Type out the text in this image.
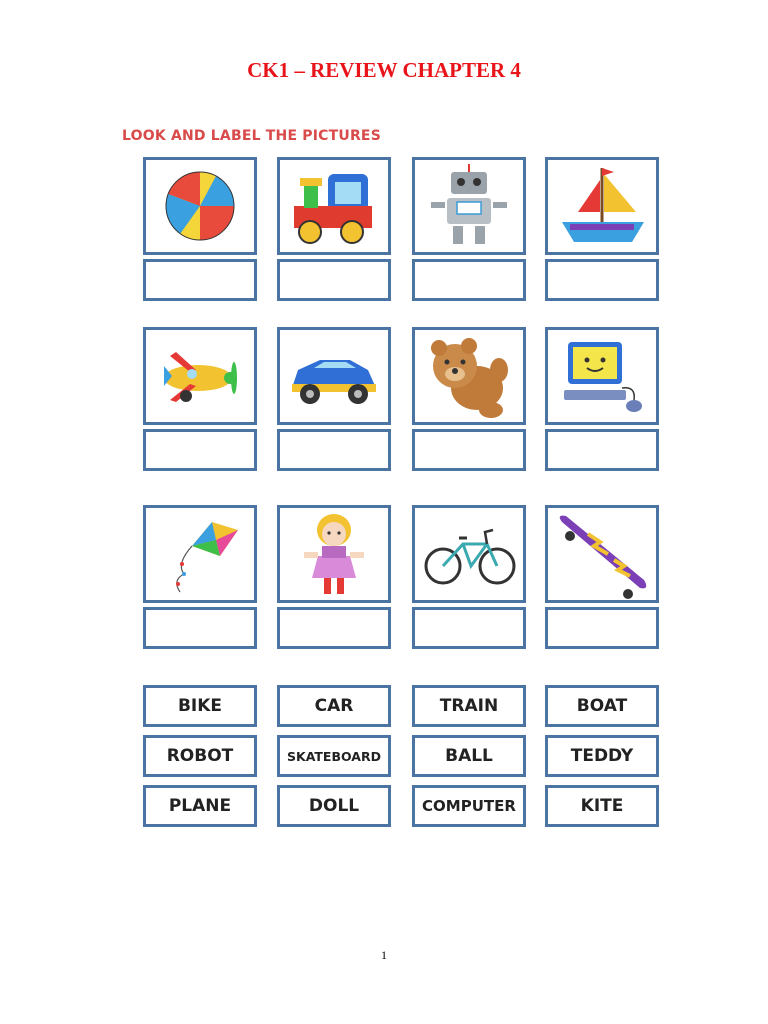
CK1 – REVIEW CHAPTER 4
LOOK AND LABEL THE PICTURES
BIKE	CAR	TRAIN	BOAT
ROBOT	SKATEBOARD	BALL	TEDDY
PLANE	DOLL	COMPUTER	KITE
1
